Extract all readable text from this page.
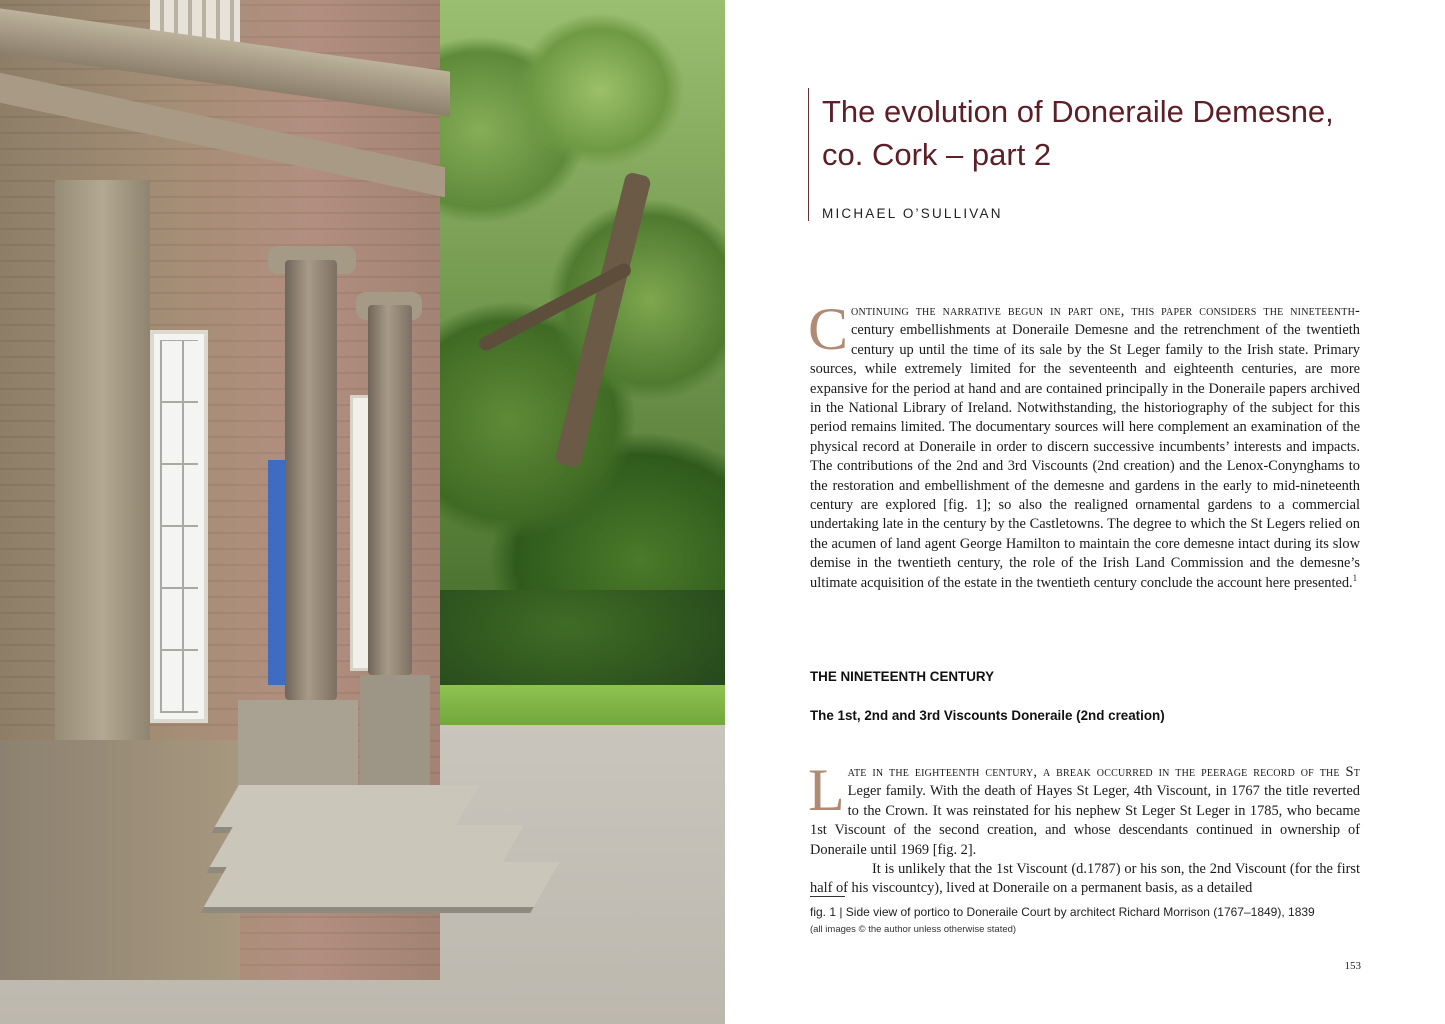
The evolution of Doneraile Demesne,
co. Cork – part 2
MICHAEL O’SULLIVAN

C ontinuing the narrative begun in part one, this paper considers the nineteenth- century embellishments at Doneraile Demesne and the retrenchment of the twentieth century up until the time of its sale by the St Leger family to the Irish state. Primary sources, while extremely limited for the seventeenth and eighteenth centuries, are more expansive for the period at hand and are contained principally in the Doneraile papers archived in the National Library of Ireland. Notwithstanding, the historiography of the subject for this period remains limited. The documentary sources will here complement an examination of the physical record at Doneraile in order to discern successive incumbents’ interests and impacts. The contributions of the 2nd and 3rd Viscounts (2nd creation) and the Lenox-Conynghams to the restoration and embellishment of the demesne and gardens in the early to mid-nineteenth century are explored [fig. 1]; so also the realigned ornamental gardens to a commercial undertaking late in the century by the Castletowns. The degree to which the St Legers relied on the acumen of land agent George Hamilton to maintain the core demesne intact during its slow demise in the twentieth century, the role of the Irish Land Commission and the demesne’s ultimate acquisition of the estate in the twentieth century conclude the account here presented.$^1$

THE NINETEENTH CENTURY
The 1st, 2nd and 3rd Viscounts Doneraile (2nd creation)

L ate in the eighteenth century, a break occurred in the peerage record of the St Leger family. With the death of Hayes St Leger, 4th Viscount, in 1767 the title reverted to the Crown. It was reinstated for his nephew St Leger St Leger in 1785, who became 1st Viscount of the second creation, and whose descendants continued in ownership of Doneraile until 1969 [fig. 2].

It is unlikely that the 1st Viscount (d.1787) or his son, the 2nd Viscount (for the first half of his viscountcy), lived at Doneraile on a permanent basis, as a detailed

fig. 1 | Side view of portico to Doneraile Court by architect Richard Morrison (1767–1849), 1839
(all images © the author unless otherwise stated)
153
